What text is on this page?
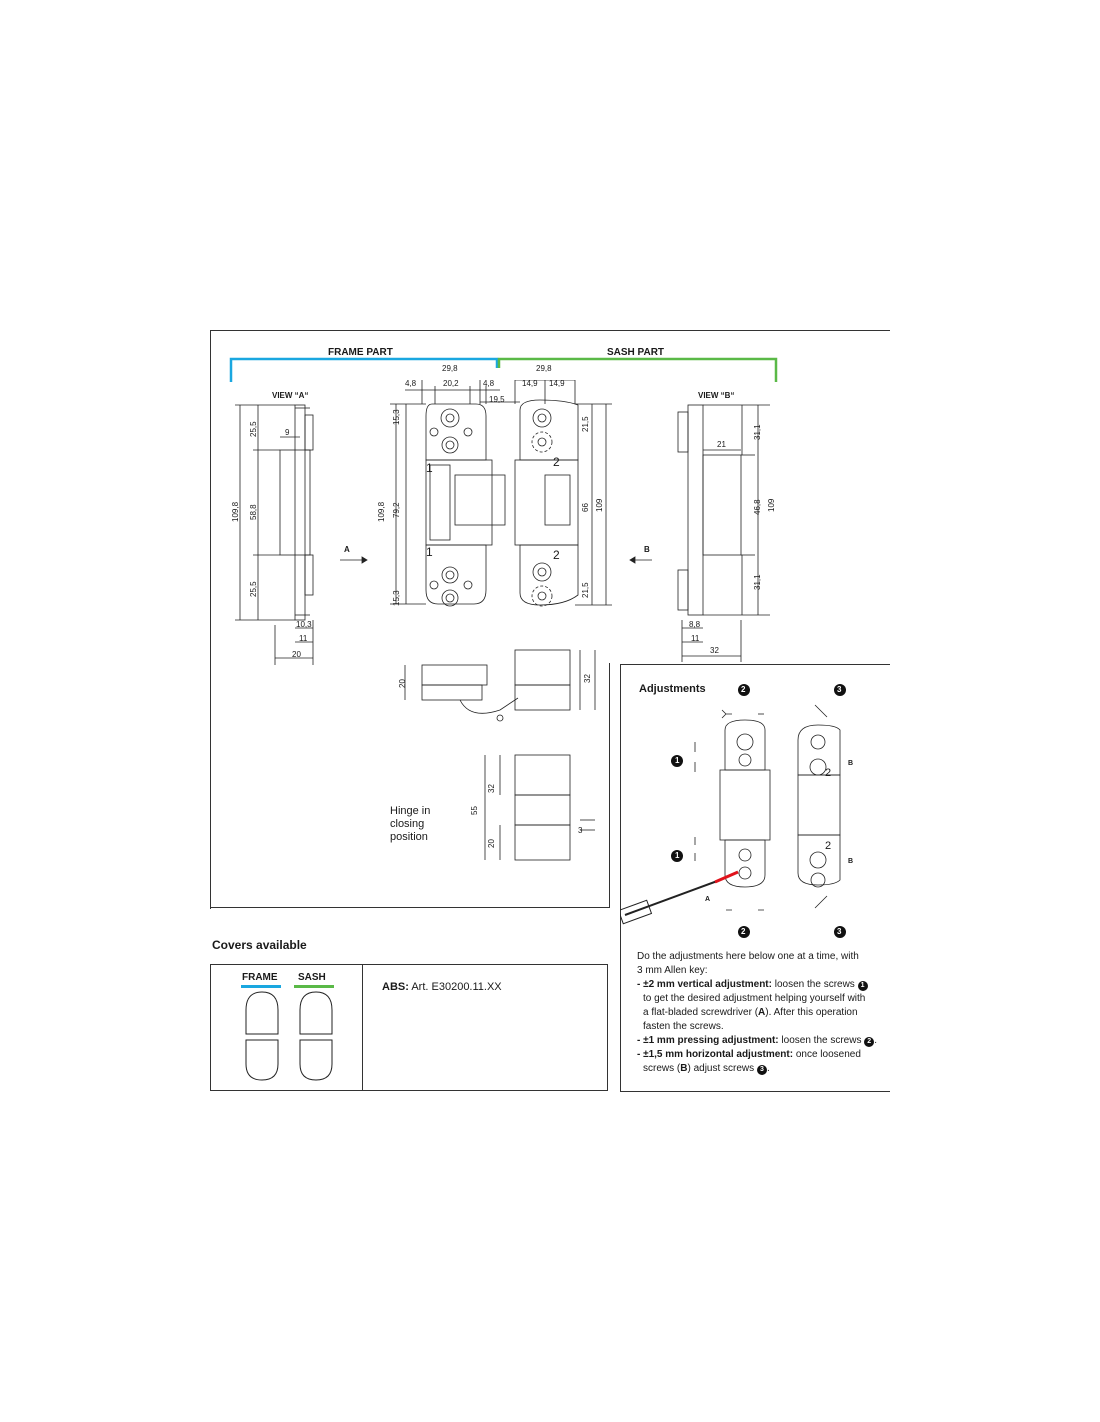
FRAME PART	SASH PART
VIEW “A“	VIEW “B“
A	B
29,8	29,8
4,8	20,2	4,8	14,9 14,9
19,5
25,5	9
109,8 58,8
25,5
10,3
11
20
15,3
109,8 79,2
15,3
21,5
66 109
21,5
21
31,1
46,8 109
31,1
8,8
11
32
1
1
2
2
20
32
32
55
20
3
Hinge in
closing
position
Adjustments	2	3
1
1
2	3
2
2
A
B
B
Do the adjustments here below one at a time, with
3 mm Allen key:
- ±2 mm vertical adjustment: loosen the screws 1
to get the desired adjustment helping yourself with
a flat-bladed screwdriver (A). After this operation
fasten the screws.
- ±1 mm pressing adjustment: loosen the screws 2 .
- ±1,5 mm horizontal adjustment: once loosened
screws (B) adjust screws 3 .
Covers available
FRAME SASH
ABS: Art. E30200.11.XX
